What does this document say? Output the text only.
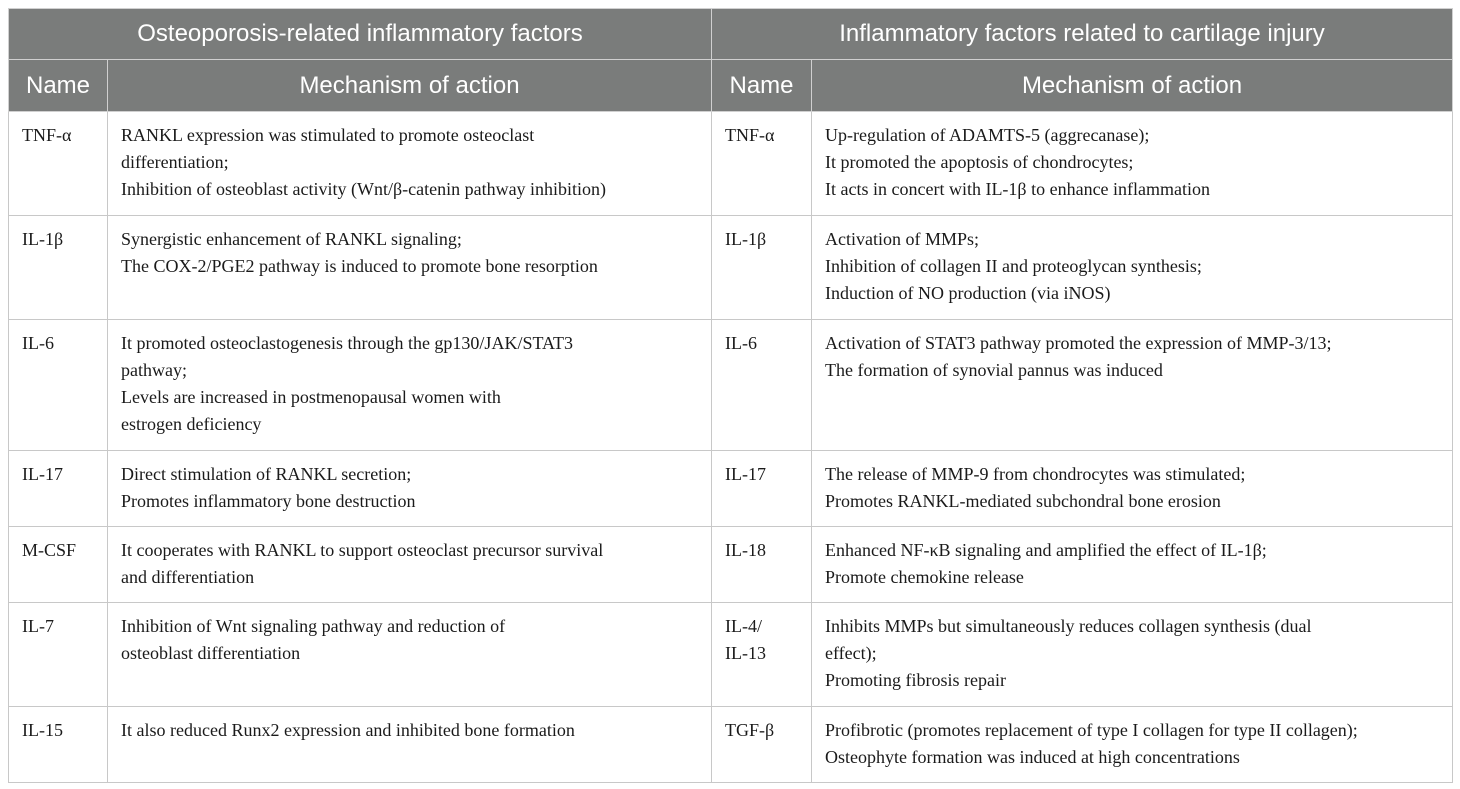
Osteoporosis-related inflammatory factors		Inflammatory factors related to cartilage injury	
Name	Mechanism of action	Name	Mechanism of action
TNF-α	RANKL expression was stimulated to promote osteoclast
differentiation;
Inhibition of osteoblast activity (Wnt/β-catenin pathway inhibition)	TNF-α	Up-regulation of ADAMTS-5 (aggrecanase);
It promoted the apoptosis of chondrocytes;
It acts in concert with IL-1β to enhance inflammation

IL-1β	Synergistic enhancement of RANKL signaling;
The COX-2/PGE2 pathway is induced to promote bone resorption	IL-1β	Activation of MMPs;
Inhibition of collagen II and proteoglycan synthesis;
Induction of NO production (via iNOS)

IL-6	It promoted osteoclastogenesis through the gp130/JAK/STAT3
pathway;
Levels are increased in postmenopausal women with
estrogen deficiency	IL-6	Activation of STAT3 pathway promoted the expression of MMP-3/13;
The formation of synovial pannus was induced

IL-17	Direct stimulation of RANKL secretion;
Promotes inflammatory bone destruction	IL-17	The release of MMP-9 from chondrocytes was stimulated;
Promotes RANKL-mediated subchondral bone erosion

M-CSF	It cooperates with RANKL to support osteoclast precursor survival
and differentiation	IL-18	Enhanced NF-κB signaling and amplified the effect of IL-1β;
Promote chemokine release

IL-7	Inhibition of Wnt signaling pathway and reduction of
osteoblast differentiation	IL-4/
IL-13	Inhibits MMPs but simultaneously reduces collagen synthesis (dual
effect);
Promoting fibrosis repair

IL-15	It also reduced Runx2 expression and inhibited bone formation	TGF-β	Profibrotic (promotes replacement of type I collagen for type II collagen);
Osteophyte formation was induced at high concentrations
